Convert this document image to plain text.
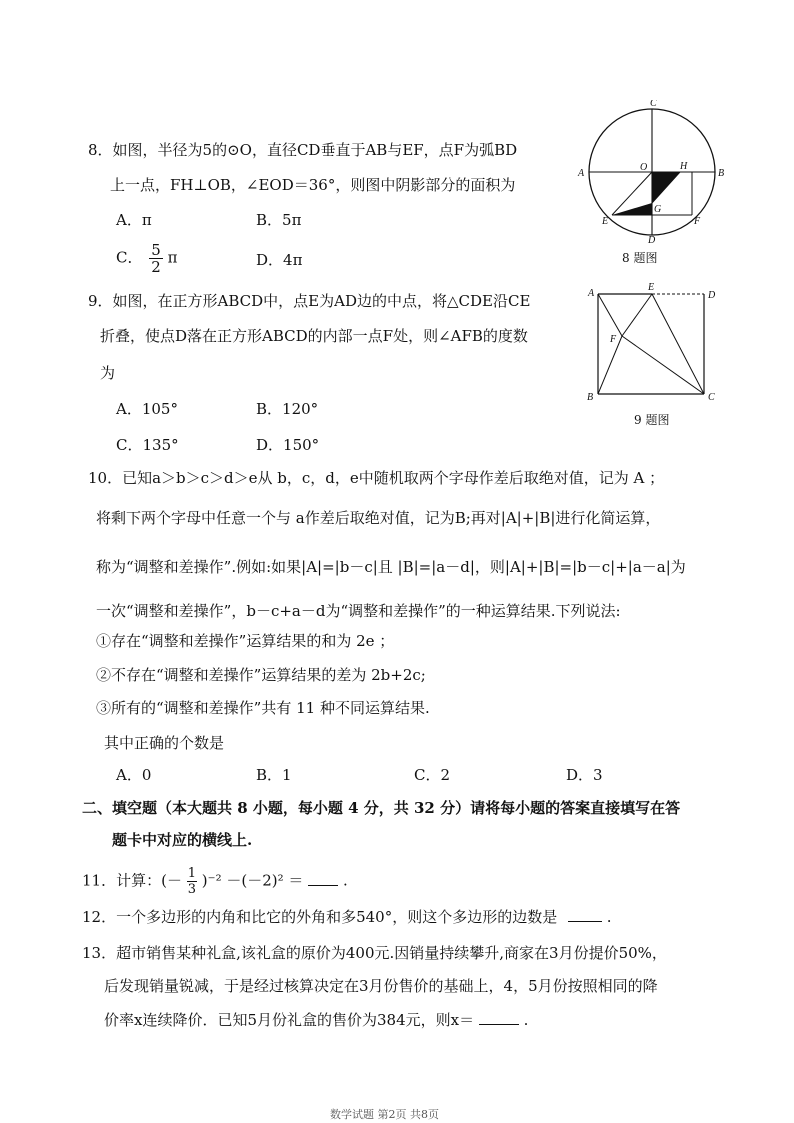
8．如图，半径为5的⊙O，直径CD垂直于AB与EF，点F为弧BD
上一点，FH⊥OB，∠EOD＝36°，则图中阴影部分的面积为
A．π	B．5π
C． $\frac{5}{2}$ π	D．4π
C
A	B
O	H
G
E	F
D
8 题图
9．如图，在正方形ABCD中，点E为AD边的中点，将△CDE沿CE
折叠，使点D落在正方形ABCD的内部一点F处，则∠AFB的度数
为
A．105°	B．120°
C．135°	D．150°
A
E
D
F
B	C
9 题图
10．已知a＞b＞c＞d＞e从 b，c，d，e中随机取两个字母作差后取绝对值，记为 A ；
将剩下两个字母中任意一个与 a作差后取绝对值，记为B;再对|A|+|B|进行化简运算，
称为“调整和差操作”.例如:如果|A|=|b－c|且 |B|=|a－d|，则|A|+|B|=|b－c|+|a－a|为
一次“调整和差操作”，b－c+a－d为“调整和差操作”的一种运算结果.下列说法:
①存在“调整和差操作”运算结果的和为 2e ；
②不存在“调整和差操作”运算结果的差为 2b+2c;
③所有的“调整和差操作”共有 11 种不同运算结果.
其中正确的个数是
A．0	B．1	C．2	D．3
二、填空题（本大题共 8 小题，每小题 4 分，共 32 分）请将每小题的答案直接填写在答
题卡中对应的横线上.
11．计算：(－ $\frac{1}{3} )^{-2} -(-2)^2$ ＝	.
12．一个多边形的内角和比它的外角和多540°，则这个多边形的边数是	.
13．超市销售某种礼盒,该礼盒的原价为400元.因销量持续攀升,商家在3月份提价50%，
后发现销量锐减，于是经过核算决定在3月份售价的基础上，4，5月份按照相同的降
价率x连续降价．已知5月份礼盒的售价为384元，则x＝	.
数学试题 第2页 共8页
